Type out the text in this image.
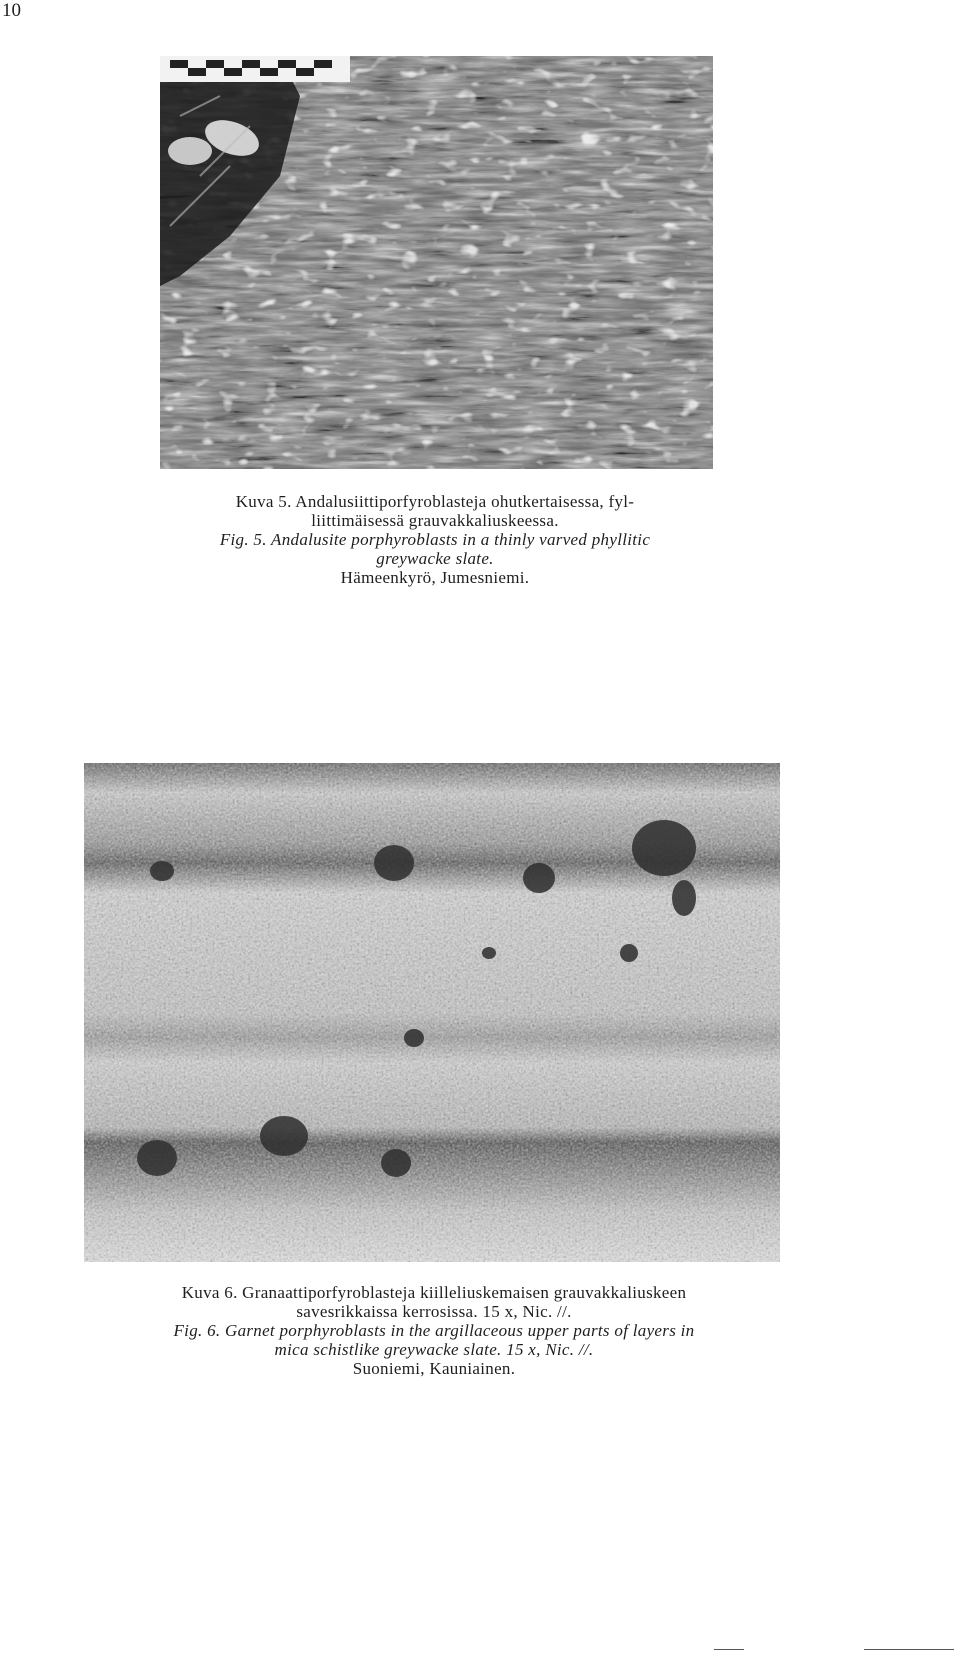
10
Kuva 5. Andalusiittiporfyroblasteja ohutkertaisessa, fyl-
liittimäisessä grauvakkaliuskeessa.
Fig. 5. Andalusite porphyroblasts in a thinly varved phyllitic
greywacke slate.
Hämeenkyrö, Jumesniemi.
Kuva 6. Granaattiporfyroblasteja kiilleliuskemaisen grauvakkaliuskeen
savesrikkaissa kerrosissa. 15 x, Nic. //.
Fig. 6. Garnet porphyroblasts in the argillaceous upper parts of layers in
mica schistlike greywacke slate. 15 x, Nic. //.
Suoniemi, Kauniainen.
